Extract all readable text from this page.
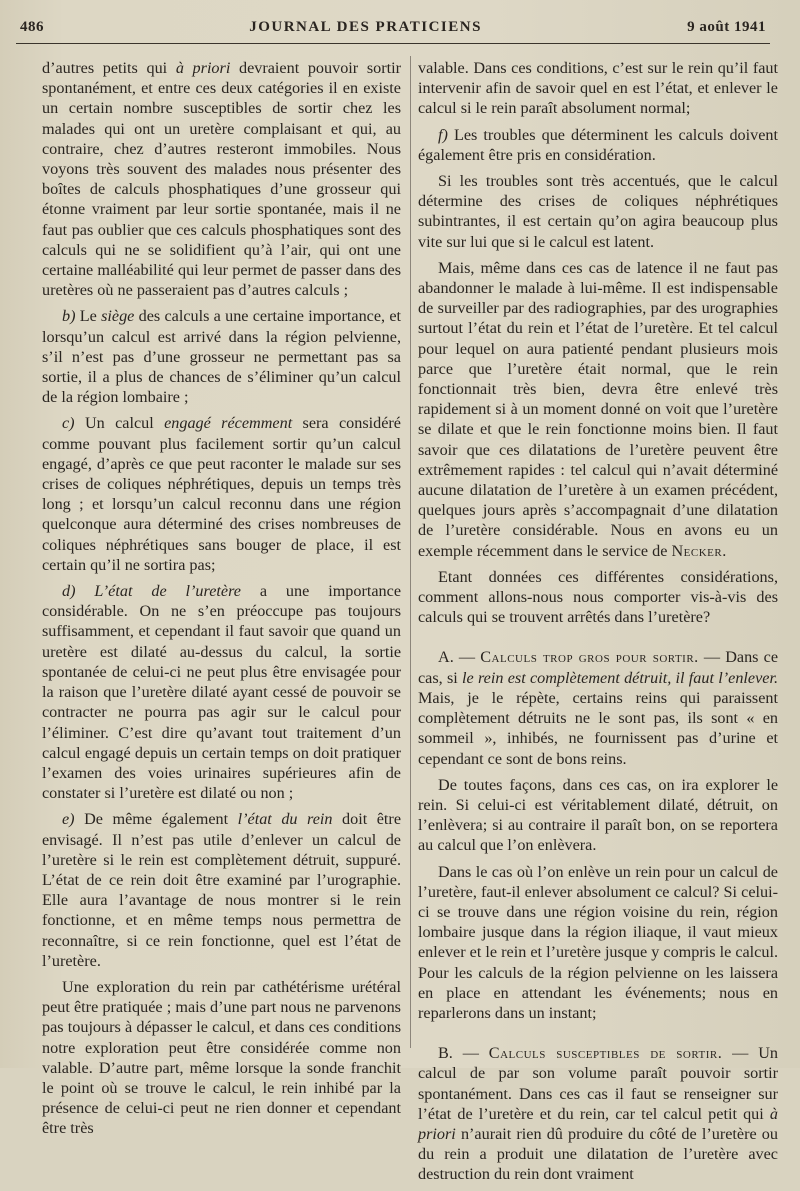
486	JOURNAL DES PRATICIENS	9 août 1941

d’autres petits qui à priori devraient pouvoir sortir spontanément, et entre ces deux catégories il en existe un certain nombre susceptibles de sortir chez les malades qui ont un uretère complaisant et qui, au contraire, chez d’autres resteront immobiles. Nous voyons très souvent des malades nous présenter des boîtes de calculs phosphatiques d’une grosseur qui étonne vraiment par leur sortie spontanée, mais il ne faut pas oublier que ces calculs phosphatiques sont des calculs qui ne se solidifient qu’à l’air, qui ont une certaine malléabilité qui leur permet de passer dans des uretères où ne passeraient pas d’autres calculs ;

b) Le siège des calculs a une certaine importance, et lorsqu’un calcul est arrivé dans la région pelvienne, s’il n’est pas d’une grosseur ne permettant pas sa sortie, il a plus de chances de s’éliminer qu’un calcul de la région lombaire ;

c) Un calcul engagé récemment sera considéré comme pouvant plus facilement sortir qu’un calcul engagé, d’après ce que peut raconter le malade sur ses crises de coliques néphrétiques, depuis un temps très long ; et lorsqu’un calcul reconnu dans une région quelconque aura déterminé des crises nombreuses de coliques néphrétiques sans bouger de place, il est certain qu’il ne sortira pas;

d) L’état de l’uretère a une importance considérable. On ne s’en préoccupe pas toujours suffisamment, et cependant il faut savoir que quand un uretère est dilaté au-dessus du calcul, la sortie spontanée de celui-ci ne peut plus être envisagée pour la raison que l’uretère dilaté ayant cessé de pouvoir se contracter ne pourra pas agir sur le calcul pour l’éliminer. C’est dire qu’avant tout traitement d’un calcul engagé depuis un certain temps on doit pratiquer l’examen des voies urinaires supérieures afin de constater si l’uretère est dilaté ou non ;

e) De même également l’état du rein doit être envisagé. Il n’est pas utile d’enlever un calcul de l’uretère si le rein est complètement détruit, suppuré. L’état de ce rein doit être examiné par l’urographie. Elle aura l’avantage de nous montrer si le rein fonctionne, et en même temps nous permettra de reconnaître, si ce rein fonctionne, quel est l’état de l’uretère.

Une exploration du rein par cathétérisme urétéral peut être pratiquée ; mais d’une part nous ne parvenons pas toujours à dépasser le calcul, et dans ces conditions notre exploration peut être considérée comme non valable. D’autre part, même lorsque la sonde franchit le point où se trouve le calcul, le rein inhibé par la présence de celui-ci peut ne rien donner et cependant être très

valable. Dans ces conditions, c’est sur le rein qu’il faut intervenir afin de savoir quel en est l’état, et enlever le calcul si le rein paraît absolument normal;

f) Les troubles que déterminent les calculs doivent également être pris en considération.

Si les troubles sont très accentués, que le calcul détermine des crises de coliques néphrétiques subintrantes, il est certain qu’on agira beaucoup plus vite sur lui que si le calcul est latent.

Mais, même dans ces cas de latence il ne faut pas abandonner le malade à lui-même. Il est indispensable de surveiller par des radiographies, par des urographies surtout l’état du rein et l’état de l’uretère. Et tel calcul pour lequel on aura patienté pendant plusieurs mois parce que l’uretère était normal, que le rein fonctionnait très bien, devra être enlevé très rapidement si à un moment donné on voit que l’uretère se dilate et que le rein fonctionne moins bien. Il faut savoir que ces dilatations de l’uretère peuvent être extrêmement rapides : tel calcul qui n’avait déterminé aucune dilatation de l’uretère à un examen précédent, quelques jours après s’accompagnait d’une dilatation de l’uretère considérable. Nous en avons eu un exemple récemment dans le service de Necker.

Etant données ces différentes considérations, comment allons-nous nous comporter vis-à-vis des calculs qui se trouvent arrêtés dans l’uretère?

A. — Calculs trop gros pour sortir. — Dans ce cas, si le rein est complètement détruit, il faut l’enlever. Mais, je le répète, certains reins qui paraissent complètement détruits ne le sont pas, ils sont « en sommeil », inhibés, ne fournissent pas d’urine et cependant ce sont de bons reins.

De toutes façons, dans ces cas, on ira explorer le rein. Si celui-ci est véritablement dilaté, détruit, on l’enlèvera; si au contraire il paraît bon, on se reportera au calcul que l’on enlèvera.

Dans le cas où l’on enlève un rein pour un calcul de l’uretère, faut-il enlever absolument ce calcul? Si celui-ci se trouve dans une région voisine du rein, région lombaire jusque dans la région iliaque, il vaut mieux enlever et le rein et l’uretère jusque y compris le calcul. Pour les calculs de la région pelvienne on les laissera en place en attendant les événements; nous en reparlerons dans un instant;

B. — Calculs susceptibles de sortir. — Un calcul de par son volume paraît pouvoir sortir spontanément. Dans ces cas il faut se renseigner sur l’état de l’uretère et du rein, car tel calcul petit qui à priori n’aurait rien dû produire du côté de l’uretère ou du rein a produit une dilatation de l’uretère avec destruction du rein dont vraiment
